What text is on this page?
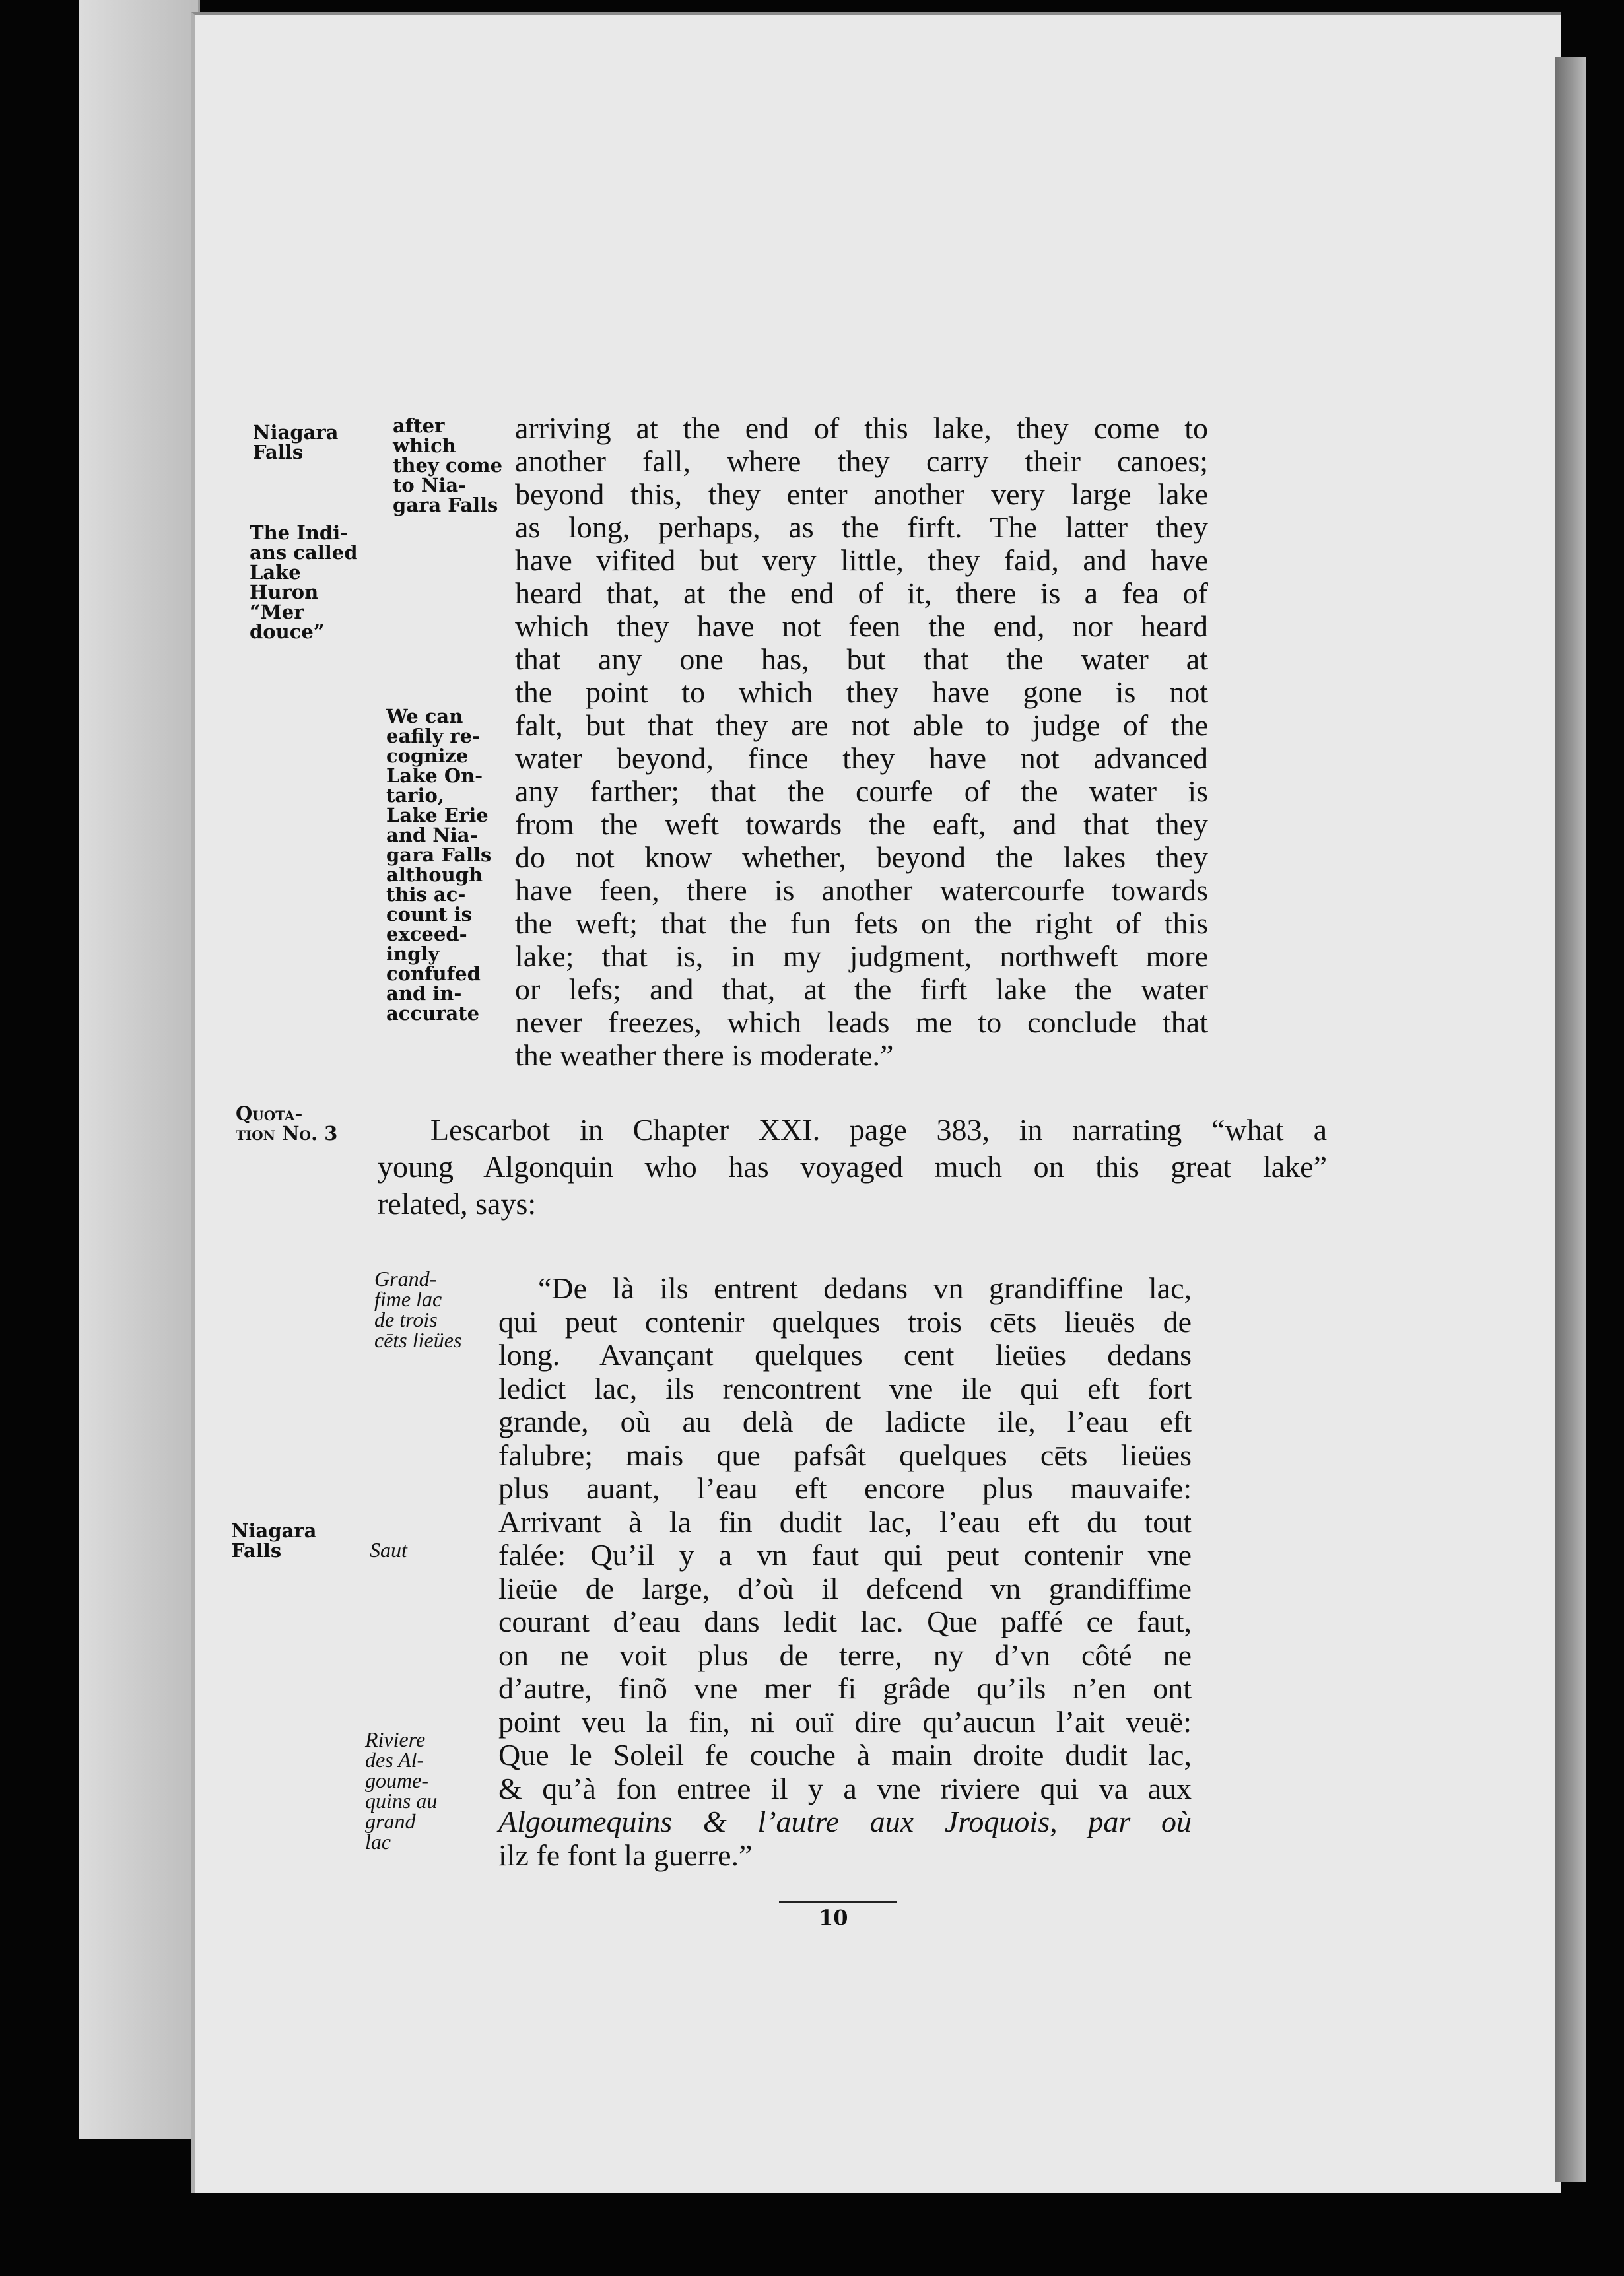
Niagara
Falls
The Indi-
ans called
Lake
Huron
“Mer
douce”
after
which
they come
to Nia-
gara Falls
We can
eafily re-
cognize
Lake On-
tario,
Lake Erie
and Nia-
gara Falls
although
this ac-
count is
exceed-
ingly
confufed
and in-
accurate
Quota-
tion No. 3
Grand-
fime lac
de trois
cēts lieües
Niagara
Falls	Saut
Riviere
des Al-
goume-
quins au
grand
lac
arriving at the end of this lake, they come to
another fall, where they carry their canoes;
beyond this, they enter another very large lake
as long, perhaps, as the firft. The latter they
have vifited but very little, they faid, and have
heard that, at the end of it, there is a fea of
which they have not feen the end, nor heard
that any one has, but that the water at
the point to which they have gone is not
falt, but that they are not able to judge of the
water beyond, fince they have not advanced
any farther; that the courfe of the water is
from the weft towards the eaft, and that they
do not know whether, beyond the lakes they
have feen, there is another watercourfe towards
the weft; that the fun fets on the right of this
lake; that is, in my judgment, northweft more
or lefs; and that, at the firft lake the water
never freezes, which leads me to conclude that
the weather there is moderate.”
Lescarbot in Chapter XXI. page 383, in narrating “what a
young Algonquin who has voyaged much on this great lake”
related, says:
“De là ils entrent dedans vn grandiffine lac,
qui peut contenir quelques trois cēts lieuës de
long. Avançant quelques cent lieües dedans
ledict lac, ils rencontrent vne ile qui eft fort
grande, où au delà de ladicte ile, l’eau eft
falubre; mais que pafsât quelques cēts lieües
plus auant, l’eau eft encore plus mauvaife:
Arrivant à la fin dudit lac, l’eau eft du tout
falée: Qu’il y a vn faut qui peut contenir vne
lieüe de large, d’où il defcend vn grandiffime
courant d’eau dans ledit lac. Que paffé ce faut,
on ne voit plus de terre, ny d’vn côté ne
d’autre, finõ vne mer fi grâde qu’ils n’en ont
point veu la fin, ni ouï dire qu’aucun l’ait veuë:
Que le Soleil fe couche à main droite dudit lac,
& qu’à fon entree il y a vne riviere qui va aux
Algoumequins & l’autre aux Jroquois, par où
ilz fe font la guerre.”
10
